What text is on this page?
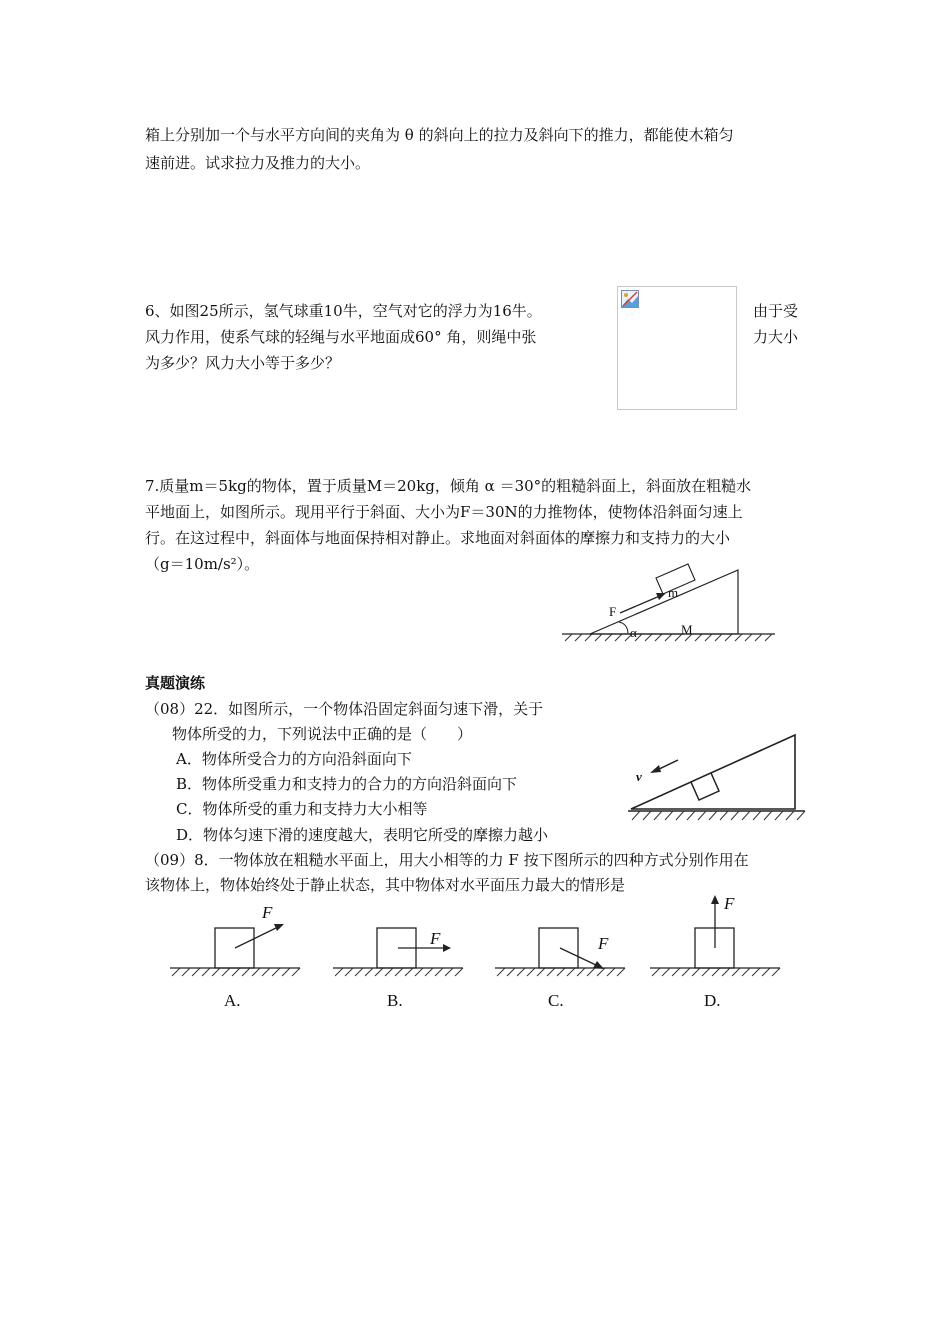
箱上分别加一个与水平方向间的夹角为 θ 的斜向上的拉力及斜向下的推力，都能使木箱匀
速前进。试求拉力及推力的大小。
6、如图25所示，氢气球重10牛，空气对它的浮力为16牛。	由于受
风力作用，使系气球的轻绳与水平地面成60° 角，则绳中张	力大小
为多少？风力大小等于多少？
7.质量m＝5kg的物体，置于质量M＝20kg，倾角 α ＝30°的粗糙斜面上，斜面放在粗糙水
平地面上，如图所示。现用平行于斜面、大小为F＝30N的力推物体，使物体沿斜面匀速上
行。在这过程中，斜面体与地面保持相对静止。求地面对斜面体的摩擦力和支持力的大小
（g＝10m/s²）。
F
m
M
α
真题演练
（08）22．如图所示，一个物体沿固定斜面匀速下滑，关于
物体所受的力，下列说法中正确的是（　　）
A．物体所受合力的方向沿斜面向下
B．物体所受重力和支持力的合力的方向沿斜面向下
C．物体所受的重力和支持力大小相等
D．物体匀速下滑的速度越大，表明它所受的摩擦力越小
v
（09）8．一物体放在粗糙水平面上，用大小相等的力 F 按下图所示的四种方式分别作用在
该物体上，物体始终处于静止状态，其中物体对水平面压力最大的情形是
F
F	F
F
A.	B.	C.	D.
